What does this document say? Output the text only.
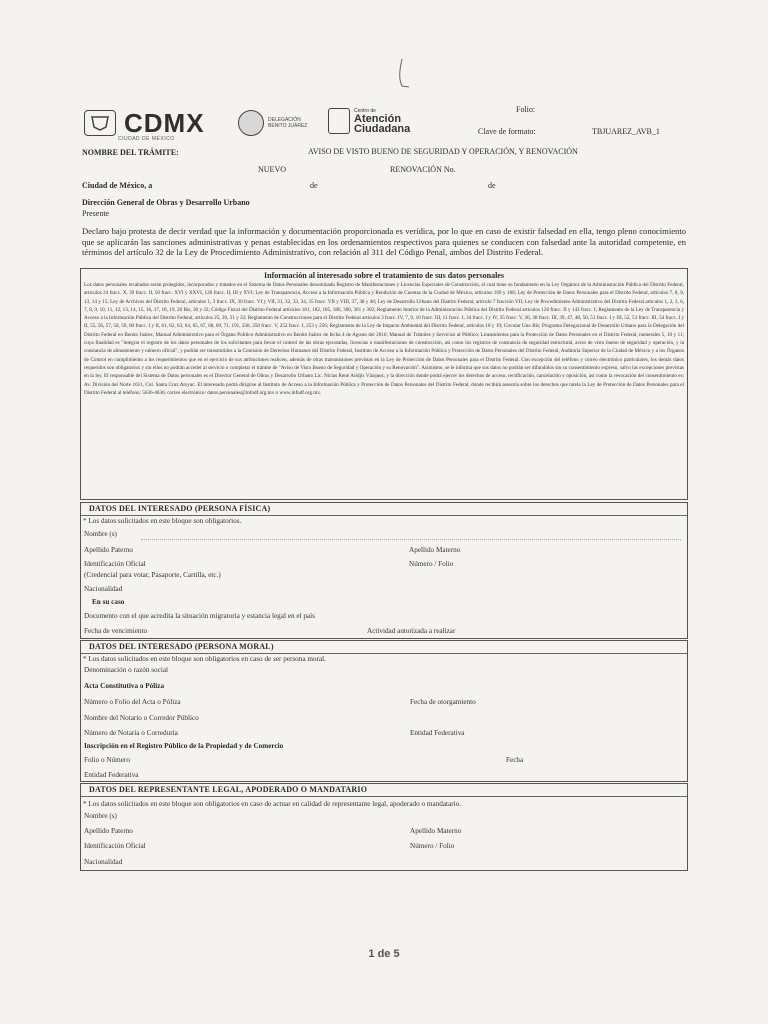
CDMX
CIUDAD DE MÉXICO
DELEGACIÓN
BENITO JUÁREZ
Centro de
Atención
Ciudadana
Folio:
Clave de formato:	TBJUAREZ_AVB_1
NOMBRE DEL TRÁMITE:	AVISO DE VISTO BUENO DE SEGURIDAD Y OPERACIÓN, Y RENOVACIÓN
NUEVO	RENOVACIÓN No.
Ciudad de México, a	de	de
Dirección General de Obras y Desarrollo Urbano
Presente
Declaro bajo protesta de decir verdad que la información y documentación proporcionada es verídica, por lo que en caso de existir falsedad en ella, tengo pleno conocimiento que se aplicarán las sanciones administrativas y penas establecidas en los ordenamientos respectivos para quienes se conducen con falsedad ante la autoridad competente, en términos del artículo 32 de la Ley de Procedimiento Administrativo, con relación al 311 del Código Penal, ambos del Distrito Federal.
Información al interesado sobre el tratamiento de sus datos personales
Los datos personales recabados serán protegidos, incorporados y tratados en el Sistema de Datos Personales denominado Registro de Manifestaciones y Licencias Especiales de Construcción, el cual tiene su fundamento en la Ley Orgánica de la Administración Pública del Distrito Federal, artículos 24 fracc. X, 39 fracc. II, 50 fracc. XVI y XXVI, 126 fracc. II, III y XVI; Ley de Transparencia, Acceso a la Información Pública y Rendición de Cuentas de la Ciudad de México, artículos 169 y 186; Ley de Protección de Datos Personales para el Distrito Federal, artículos 7, 8, 9, 13, 14 y 15; Ley de Archivos del Distrito Federal, artículos 1, 3 fracc. IX, 30 fracc. VI y VII, 31, 32, 33, 34, 35 fracc. VII y VIII, 37, 38 y 40; Ley de Desarrollo Urbano del Distrito Federal, artículo 7 fracción VII; Ley de Procedimiento Administrativo del Distrito Federal artículos 1, 2, 3, 6, 7, 8, 9, 10, 11, 12, 13, 14, 15, 16, 17, 18, 19, 20 Bis, 30 y 33; Código Fiscal del Distrito Federal artículos 181, 182, 185, 186, 300, 301 y 302; Reglamento Interior de la Administración Pública del Distrito Federal artículos 126 fracc. II y 143 fracc. I; Reglamento de la Ley de Transparencia y Acceso a la Información Pública del Distrito Federal, artículos 25, 30, 31 y 32; Reglamento de Construcciones para el Distrito Federal artículos 3 fracc. IV, 7, 9, 10 fracc. III, 11 fracc. I, 34 fracc. I y IV, 35 fracc. V, 36, 38 fracc. III, 39, 47, 48, 50, 51 fracc. I y III, 52, 53 fracc. III, 54 fracc. I y II, 55, 56, 57, 58, 59, 60 fracc. I y II, 61, 62, 63, 64, 65, 67, 68, 69, 71, 191, 238, 250 fracc. V, 252 fracc. I, 253 y 256; Reglamento de la Ley de Impacto Ambiental del Distrito Federal, artículos 18 y 19; Circular Uno Bis; Programa Delegacional de Desarrollo Urbano para la Delegación del Distrito Federal en Benito Juárez; Manual Administrativo para el Órgano Político Administrativo en Benito Juárez de fecha 4 de Agosto del 2016; Manual de Trámites y Servicios al Público; Lineamientos para la Protección de Datos Personales en el Distrito Federal, numerales 5, 10 y 11; cuya finalidad es "integrar el registro de los datos personales de los solicitantes para llevar el control de las obras ejecutadas, licencias o manifestaciones de construcción, así como los registros de constancia de seguridad estructural, aviso de visto bueno de seguridad y operación, y la constancia de alineamiento y número oficial", y podrán ser transmitidos a la Comisión de Derechos Humanos del Distrito Federal, Instituto de Acceso a la Información Pública y Protección de Datos Personales del Distrito Federal, Auditoría Superior de la Ciudad de México y a los Órganos de Control en cumplimiento a los requerimientos que en el ejercicio de sus atribuciones realicen, además de otras transmisiones previstas en la Ley de Protección de Datos Personales para el Distrito Federal. Con excepción del teléfono y correo electrónico particulares, los demás datos requeridos son obligatorios y sin ellos no podrán acceder al servicio o completar el trámite de "Aviso de Visto Bueno de Seguridad y Operación y su Renovación". Asimismo, se le informa que sus datos no podrán ser difundidos sin su consentimiento expreso, salvo las excepciones previstas en la ley. El responsable del Sistema de Datos personales es el Director General de Obras y Desarrollo Urbano Lic. Nicias René Aridjis Vázquez, y la dirección donde podrá ejercer los derechos de acceso, rectificación, cancelación y oposición, así como la revocación del consentimiento es: Av. División del Norte 1611, Col. Santa Cruz Atoyac. El interesado podrá dirigirse al Instituto de Acceso a la Información Pública y Protección de Datos Personales del Distrito Federal, donde recibirá asesoría sobre los derechos que tutela la Ley de Protección de Datos Personales para el Distrito Federal al teléfono: 5636-4636; correo electrónico: datos.personales@infodf.org.mx o www.infodf.org.mx.
DATOS DEL INTERESADO (PERSONA FÍSICA)
* Los datos solicitados en este bloque son obligatorios.
Nombre (s)
Apellido Paterno	Apellido Materno
Identificación Oficial	Número / Folio
(Credencial para votar, Pasaporte, Cartilla, etc.)
Nacionalidad
En su caso
Documento con el que acredita la situación migratoria y estancia legal en el país
Fecha de vencimiento	Actividad autorizada a realizar
DATOS DEL INTERESADO (PERSONA MORAL)
* Los datos solicitados en este bloque son obligatorios en caso de ser persona moral.
Denominación o razón social
Acta Constitutiva o Póliza
Número o Folio del Acta o Póliza	Fecha de otorgamiento
Nombre del Notario o Corredor Público
Número de Notaría o Correduría	Entidad Federativa
Inscripción en el Registro Público de la Propiedad y de Comercio
Folio o Número	Fecha
Entidad Federativa
DATOS DEL REPRESENTANTE LEGAL, APODERADO O MANDATARIO
* Los datos solicitados en este bloque son obligatorios en caso de actuar en calidad de representante legal, apoderado o mandatario.
Nombre (s)
Apellido Paterno	Apellido Materno
Identificación Oficial	Número / Folio
Nacionalidad
1 de 5
